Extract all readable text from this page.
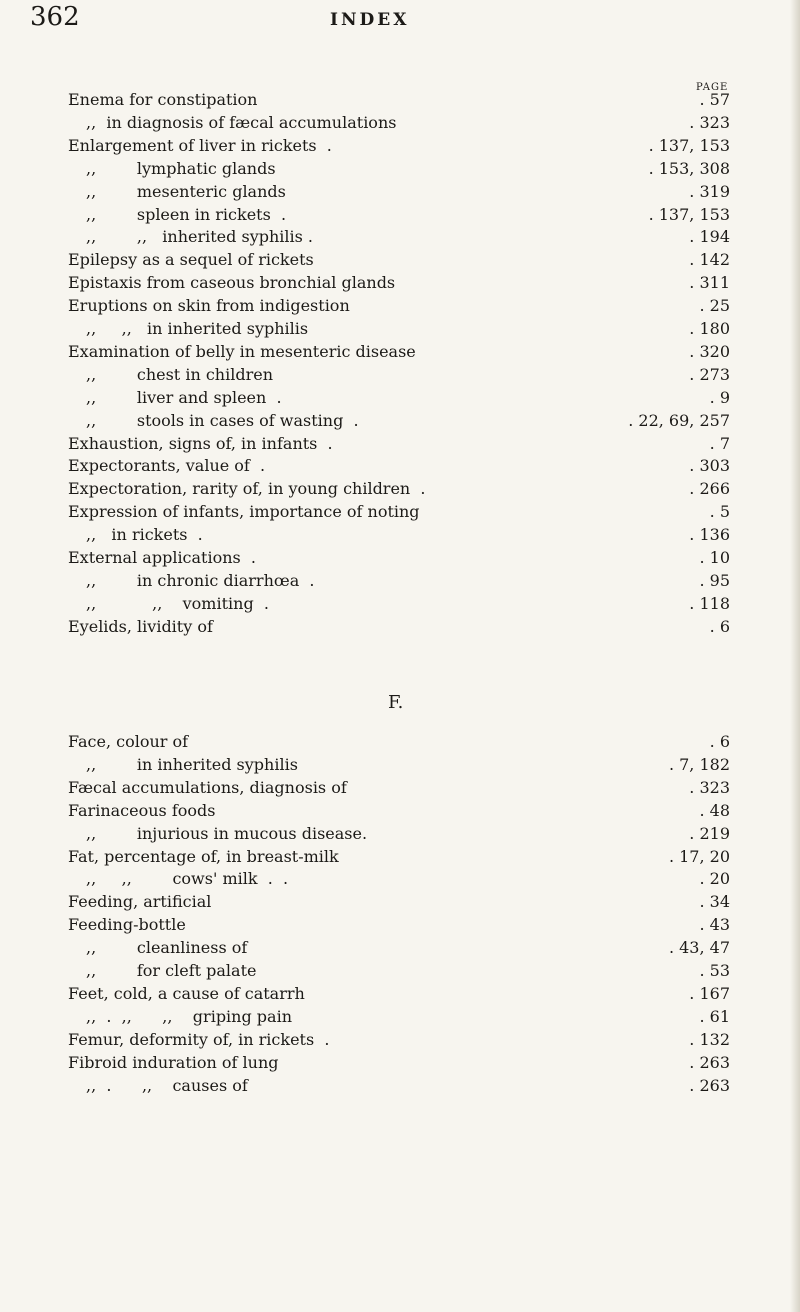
362	INDEX
PAGE
Enema for constipation	. 57
,,  in diagnosis of fæcal accumulations	. 323
Enlargement of liver in rickets  .	. 137, 153
,,        lymphatic glands	. 153, 308
,,        mesenteric glands	. 319
,,        spleen in rickets  .	. 137, 153
,,        ,,   inherited syphilis .	. 194
Epilepsy as a sequel of rickets	. 142
Epistaxis from caseous bronchial glands	. 311
Eruptions on skin from indigestion	. 25
,,     ,,   in inherited syphilis	. 180
Examination of belly in mesenteric disease	. 320
,,        chest in children	. 273
,,        liver and spleen  .	. 9
,,        stools in cases of wasting  .	. 22, 69, 257
Exhaustion, signs of, in infants  .	. 7
Expectorants, value of  .	. 303
Expectoration, rarity of, in young children  .	. 266
Expression of infants, importance of noting	. 5
,,   in rickets  .	. 136
External applications  .	. 10
,,        in chronic diarrhœa  .	. 95
,,           ,,    vomiting  .	. 118
Eyelids, lividity of	. 6
F.
Face, colour of	. 6
,,        in inherited syphilis	. 7, 182
Fæcal accumulations, diagnosis of	. 323
Farinaceous foods	. 48
,,        injurious in mucous disease.	. 219
Fat, percentage of, in breast-milk	. 17, 20
,,     ,,        cows' milk  .  .	. 20
Feeding, artificial	. 34
Feeding-bottle	. 43
,,        cleanliness of	. 43, 47
,,        for cleft palate	. 53
Feet, cold, a cause of catarrh	. 167
,,  .  ,,      ,,    griping pain	. 61
Femur, deformity of, in rickets  .	. 132
Fibroid induration of lung	. 263
,,  .      ,,    causes of	. 263
